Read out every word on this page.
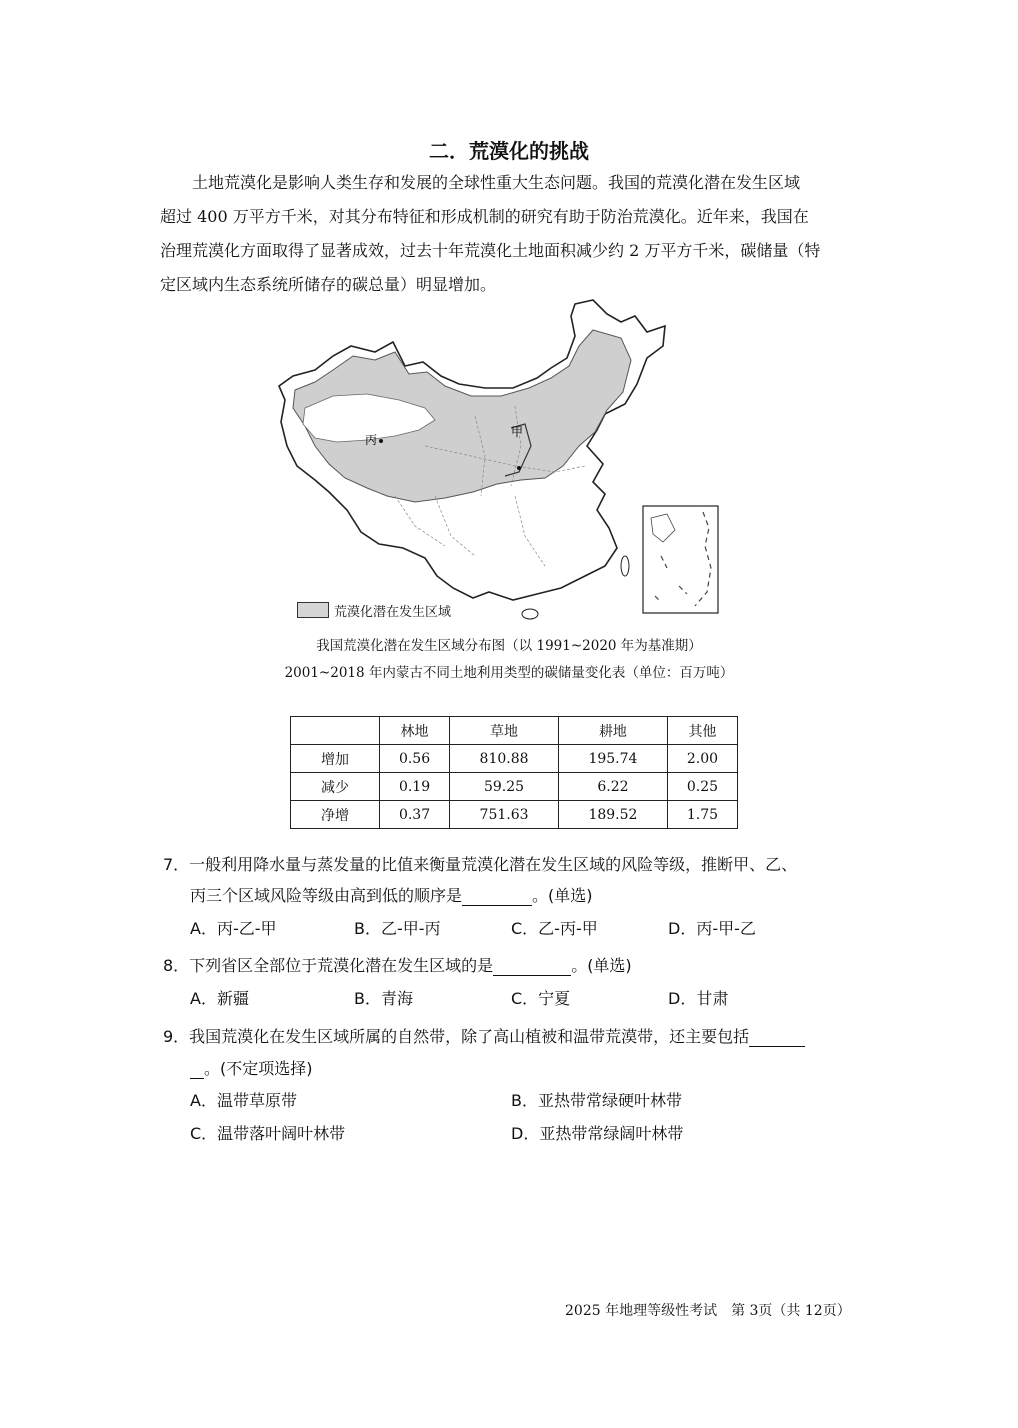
二．荒漠化的挑战
土地荒漠化是影响人类生存和发展的全球性重大生态问题。我国的荒漠化潜在发生区域
超过 400 万平方千米，对其分布特征和形成机制的研究有助于防治荒漠化。近年来，我国在
治理荒漠化方面取得了显著成效，过去十年荒漠化土地面积减少约 2 万平方千米，碳储量（特
定区域内生态系统所储存的碳总量）明显增加。
甲
丙
荒漠化潜在发生区域
我国荒漠化潜在发生区域分布图（以 1991~2020 年为基准期）
2001~2018 年内蒙古不同土地利用类型的碳储量变化表（单位：百万吨）
	林地	草地	耕地	其他
增加	0.56	810.88	195.74	2.00
减少	0.19	59.25	6.22	0.25
净增	0.37	751.63	189.52	1.75
7．一般利用降水量与蒸发量的比值来衡量荒漠化潜在发生区域的风险等级，推断甲、乙、
丙三个区域风险等级由高到低的顺序是	。(单选)
A．丙-乙-甲	B．乙-甲-丙	C．乙-丙-甲	D．丙-甲-乙
8．下列省区全部位于荒漠化潜在发生区域的是	。(单选)
A．新疆	B．青海	C．宁夏	D．甘肃
9．我国荒漠化在发生区域所属的自然带，除了高山植被和温带荒漠带，还主要包括
。(不定项选择)
A．温带草原带	B．亚热带常绿硬叶林带
C．温带落叶阔叶林带	D．亚热带常绿阔叶林带
2025 年地理等级性考试　第 3页（共 12页）
